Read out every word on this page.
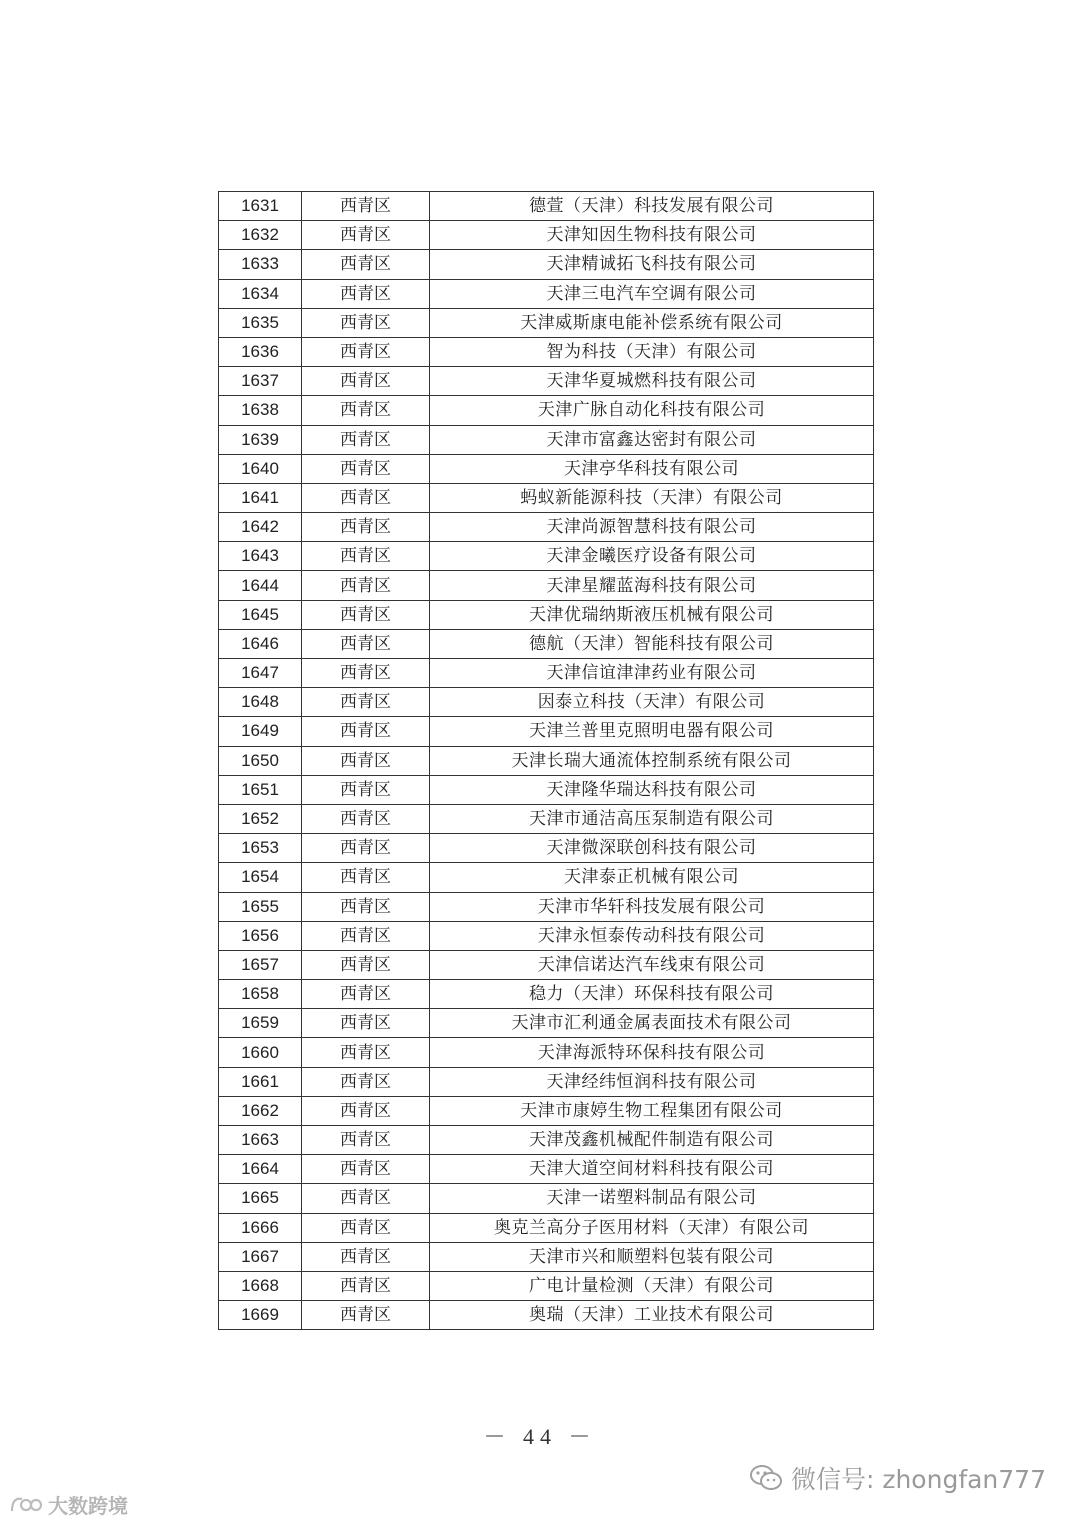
1631	西青区	德萱（天津）科技发展有限公司
1632	西青区	天津知因生物科技有限公司
1633	西青区	天津精诚拓飞科技有限公司
1634	西青区	天津三电汽车空调有限公司
1635	西青区	天津威斯康电能补偿系统有限公司
1636	西青区	智为科技（天津）有限公司
1637	西青区	天津华夏城燃科技有限公司
1638	西青区	天津广脉自动化科技有限公司
1639	西青区	天津市富鑫达密封有限公司
1640	西青区	天津亭华科技有限公司
1641	西青区	蚂蚁新能源科技（天津）有限公司
1642	西青区	天津尚源智慧科技有限公司
1643	西青区	天津金曦医疗设备有限公司
1644	西青区	天津星耀蓝海科技有限公司
1645	西青区	天津优瑞纳斯液压机械有限公司
1646	西青区	德航（天津）智能科技有限公司
1647	西青区	天津信谊津津药业有限公司
1648	西青区	因泰立科技（天津）有限公司
1649	西青区	天津兰普里克照明电器有限公司
1650	西青区	天津长瑞大通流体控制系统有限公司
1651	西青区	天津隆华瑞达科技有限公司
1652	西青区	天津市通洁高压泵制造有限公司
1653	西青区	天津微深联创科技有限公司
1654	西青区	天津泰正机械有限公司
1655	西青区	天津市华轩科技发展有限公司
1656	西青区	天津永恒泰传动科技有限公司
1657	西青区	天津信诺达汽车线束有限公司
1658	西青区	稳力（天津）环保科技有限公司
1659	西青区	天津市汇利通金属表面技术有限公司
1660	西青区	天津海派特环保科技有限公司
1661	西青区	天津经纬恒润科技有限公司
1662	西青区	天津市康婷生物工程集团有限公司
1663	西青区	天津茂鑫机械配件制造有限公司
1664	西青区	天津大道空间材料科技有限公司
1665	西青区	天津一诺塑料制品有限公司
1666	西青区	奥克兰高分子医用材料（天津）有限公司
1667	西青区	天津市兴和顺塑料包装有限公司
1668	西青区	广电计量检测（天津）有限公司
1669	西青区	奥瑞（天津）工业技术有限公司
－ 44 －
微信号: zhongfan777
大数跨境
